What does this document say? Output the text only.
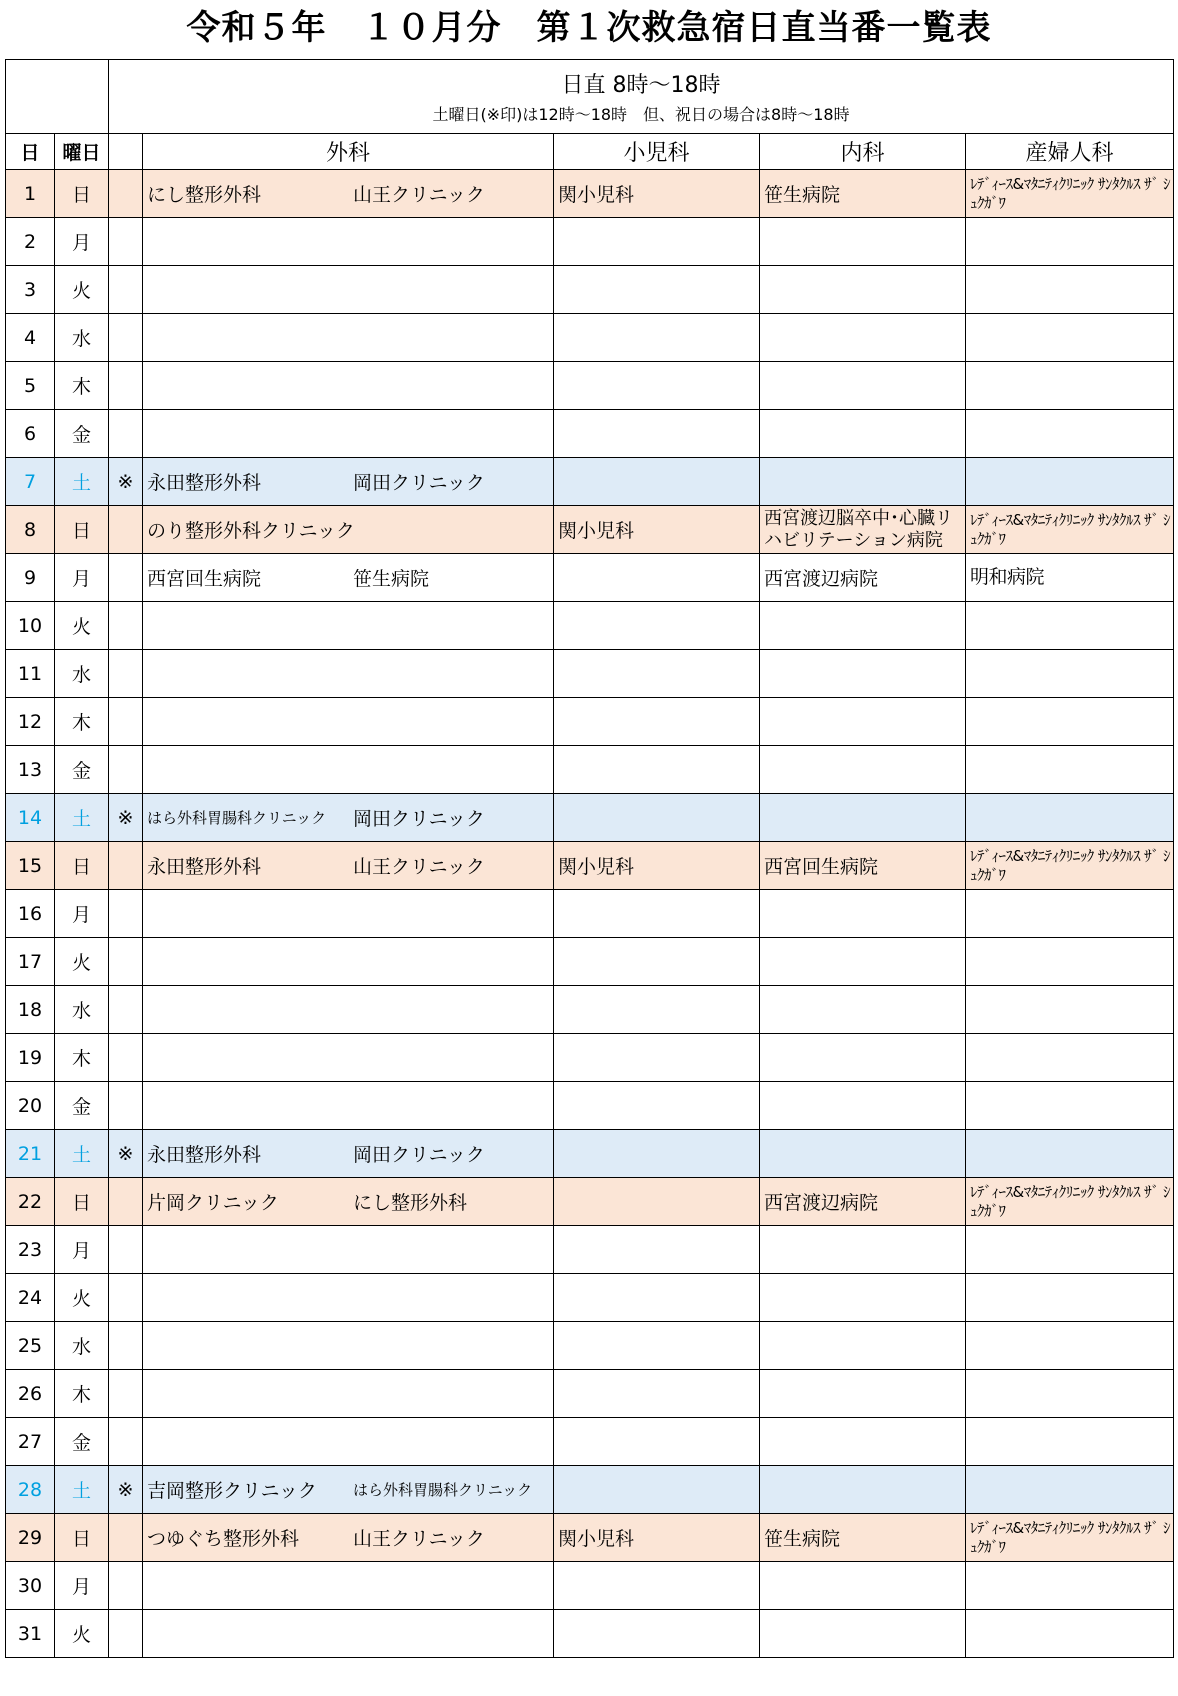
令和５年　１０月分　第１次救急宿日直当番一覧表

		日直 8時～18時
土曜日(※印)は12時～18時　但、祝日の場合は8時～18時				

日	曜日		外科	小児科	内科	産婦人科
1	日		にし整形外科 山王クリニック	関小児科	笹生病院	ﾚﾃﾞｨｰｽ&ﾏﾀﾆﾃｨｸﾘﾆｯｸ ｻﾝﾀｸﾙｽ ｻﾞ ｼｭｸｶﾞﾜ
2	月					
3	火					
4	水					
5	木					
6	金					
7	土	※	永田整形外科 岡田クリニック			
8	日		のり整形外科クリニック	関小児科	西宮渡辺脳卒中･心臓リハビリテーション病院	ﾚﾃﾞｨｰｽ&ﾏﾀﾆﾃｨｸﾘﾆｯｸ ｻﾝﾀｸﾙｽ ｻﾞ ｼｭｸｶﾞﾜ
9	月		西宮回生病院 笹生病院		西宮渡辺病院	明和病院
10	火					
11	水					
12	木					
13	金					
14	土	※	はら外科胃腸科クリニック 岡田クリニック			
15	日		永田整形外科 山王クリニック	関小児科	西宮回生病院	ﾚﾃﾞｨｰｽ&ﾏﾀﾆﾃｨｸﾘﾆｯｸ ｻﾝﾀｸﾙｽ ｻﾞ ｼｭｸｶﾞﾜ
16	月					
17	火					
18	水					
19	木					
20	金					
21	土	※	永田整形外科 岡田クリニック			
22	日		片岡クリニック にし整形外科		西宮渡辺病院	ﾚﾃﾞｨｰｽ&ﾏﾀﾆﾃｨｸﾘﾆｯｸ ｻﾝﾀｸﾙｽ ｻﾞ ｼｭｸｶﾞﾜ
23	月					
24	火					
25	水					
26	木					
27	金					
28	土	※	吉岡整形クリニック はら外科胃腸科クリニック			
29	日		つゆぐち整形外科 山王クリニック	関小児科	笹生病院	ﾚﾃﾞｨｰｽ&ﾏﾀﾆﾃｨｸﾘﾆｯｸ ｻﾝﾀｸﾙｽ ｻﾞ ｼｭｸｶﾞﾜ
30	月					
31	火					
